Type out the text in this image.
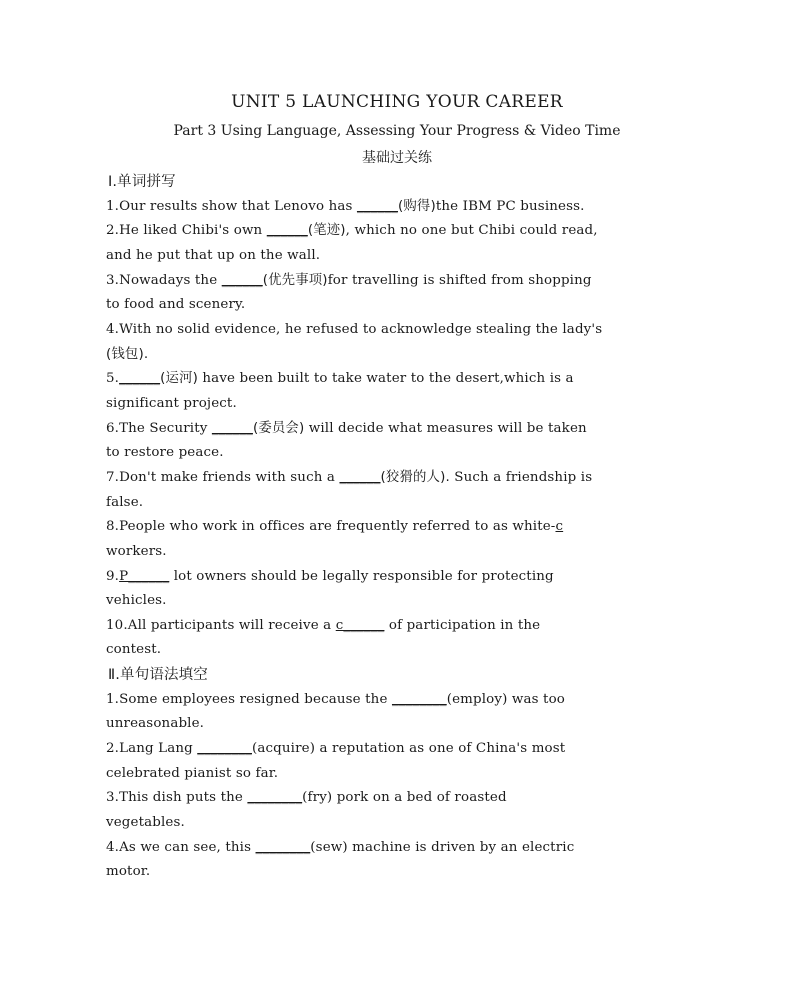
UNIT 5 LAUNCHING YOUR CAREER
Part 3 Using Language, Assessing Your Progress & Video Time
基础过关练
Ⅰ.单词拼写
1.Our results show that Lenovo has ______(购得)the IBM PC business.
2.He liked Chibi's own ______(笔迹), which no one but Chibi could read,
and he put that up on the wall.
3.Nowadays the ______(优先事项)for travelling is shifted from shopping
to food and scenery.
4.With no solid evidence, he refused to acknowledge stealing the lady's
(钱包).
5.______(运河) have been built to take water to the desert,which is a
significant project.
6.The Security ______(委员会) will decide what measures will be taken
to restore peace.
7.Don't make friends with such a ______(狡猾的人). Such a friendship is
false.
8.People who work in offices are frequently referred to as white-c
workers.
9.P______ lot owners should be legally responsible for protecting
vehicles.
10.All participants will receive a c______ of participation in the
contest.
Ⅱ.单句语法填空
1.Some employees resigned because the ________(employ) was too
unreasonable.
2.Lang Lang ________(acquire) a reputation as one of China's most
celebrated pianist so far.
3.This dish puts the ________(fry) pork on a bed of roasted
vegetables.
4.As we can see, this ________(sew) machine is driven by an electric
motor.
